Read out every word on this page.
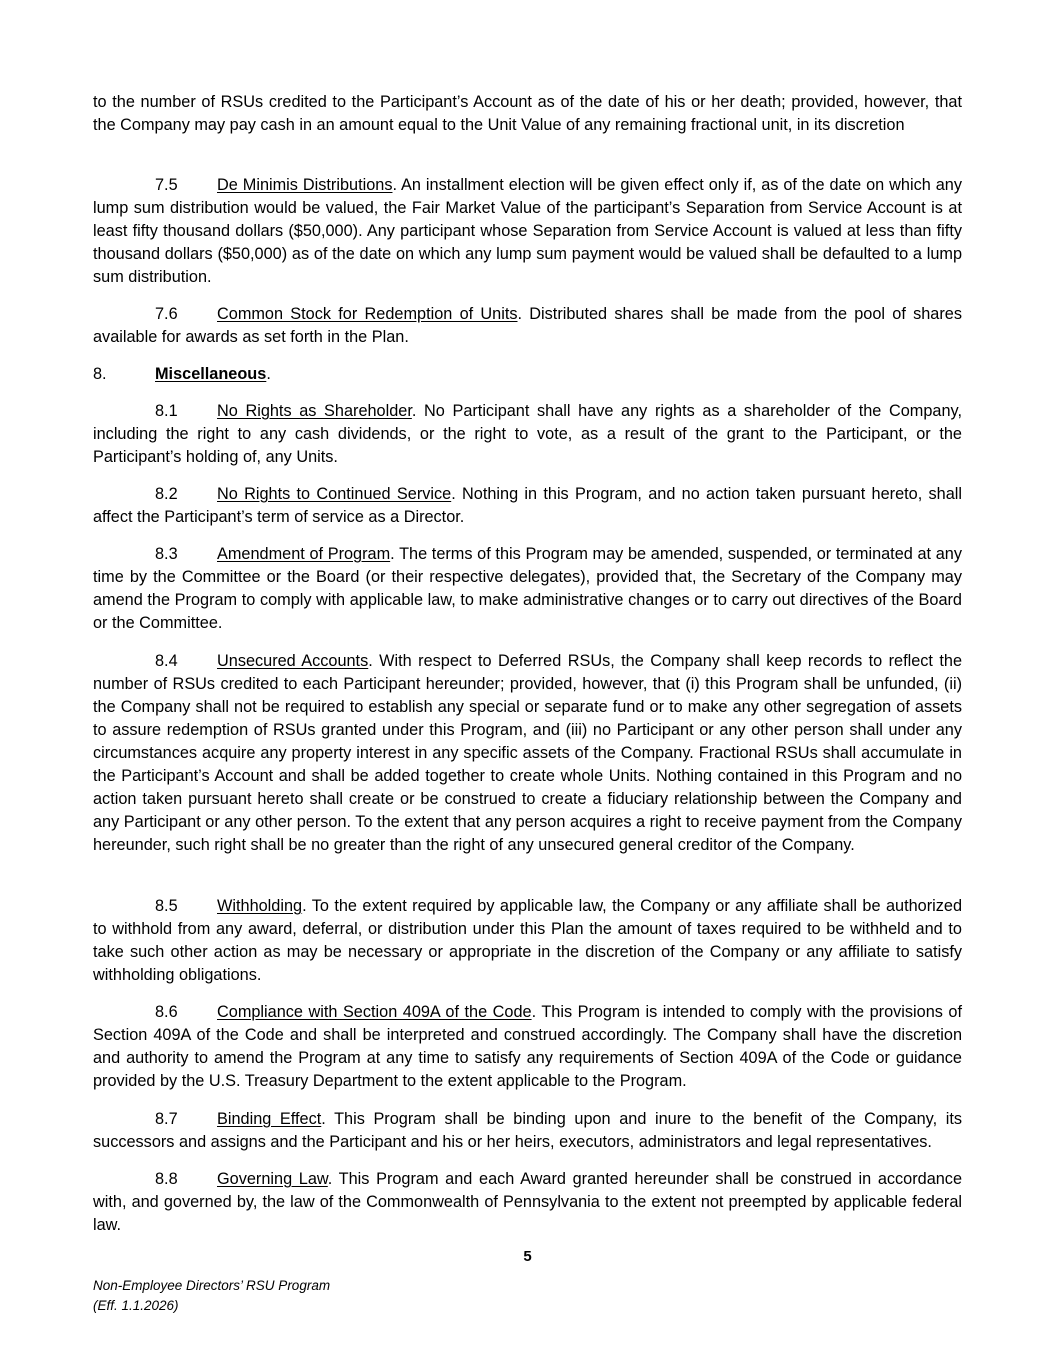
to the number of RSUs credited to the Participant’s Account as of the date of his or her death; provided, however, that the Company may pay cash in an amount equal to the Unit Value of any remaining fractional unit, in its discretion
7.5 De Minimis Distributions. An installment election will be given effect only if, as of the date on which any lump sum distribution would be valued, the Fair Market Value of the participant’s Separation from Service Account is at least fifty thousand dollars ($50,000). Any participant whose Separation from Service Account is valued at less than fifty thousand dollars ($50,000) as of the date on which any lump sum payment would be valued shall be defaulted to a lump sum distribution.
7.6 Common Stock for Redemption of Units. Distributed shares shall be made from the pool of shares available for awards as set forth in the Plan.
8.	Miscellaneous.
8.1 No Rights as Shareholder. No Participant shall have any rights as a shareholder of the Company, including the right to any cash dividends, or the right to vote, as a result of the grant to the Participant, or the Participant’s holding of, any Units.
8.2 No Rights to Continued Service. Nothing in this Program, and no action taken pursuant hereto, shall affect the Participant’s term of service as a Director.
8.3 Amendment of Program. The terms of this Program may be amended, suspended, or terminated at any time by the Committee or the Board (or their respective delegates), provided that, the Secretary of the Company may amend the Program to comply with applicable law, to make administrative changes or to carry out directives of the Board or the Committee.
8.4 Unsecured Accounts. With respect to Deferred RSUs, the Company shall keep records to reflect the number of RSUs credited to each Participant hereunder; provided, however, that (i) this Program shall be unfunded, (ii) the Company shall not be required to establish any special or separate fund or to make any other segregation of assets to assure redemption of RSUs granted under this Program, and (iii) no Participant or any other person shall under any circumstances acquire any property interest in any specific assets of the Company. Fractional RSUs shall accumulate in the Participant’s Account and shall be added together to create whole Units. Nothing contained in this Program and no action taken pursuant hereto shall create or be construed to create a fiduciary relationship between the Company and any Participant or any other person. To the extent that any person acquires a right to receive payment from the Company hereunder, such right shall be no greater than the right of any unsecured general creditor of the Company.
8.5 Withholding. To the extent required by applicable law, the Company or any affiliate shall be authorized to withhold from any award, deferral, or distribution under this Plan the amount of taxes required to be withheld and to take such other action as may be necessary or appropriate in the discretion of the Company or any affiliate to satisfy withholding obligations.
8.6 Compliance with Section 409A of the Code. This Program is intended to comply with the provisions of Section 409A of the Code and shall be interpreted and construed accordingly. The Company shall have the discretion and authority to amend the Program at any time to satisfy any requirements of Section 409A of the Code or guidance provided by the U.S. Treasury Department to the extent applicable to the Program.
8.7 Binding Effect. This Program shall be binding upon and inure to the benefit of the Company, its successors and assigns and the Participant and his or her heirs, executors, administrators and legal representatives.
8.8 Governing Law. This Program and each Award granted hereunder shall be construed in accordance with, and governed by, the law of the Commonwealth of Pennsylvania to the extent not preempted by applicable federal law.
5
Non-Employee Directors’ RSU Program
(Eff. 1.1.2026)
